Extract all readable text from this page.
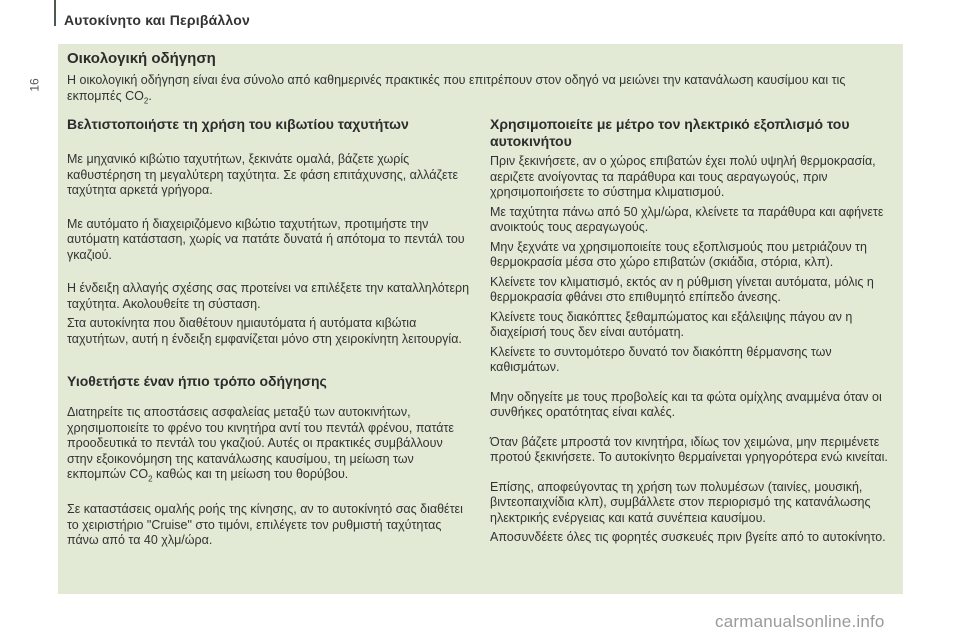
Αυτοκίνητο και Περιβάλλον
16
Οικολογική οδήγηση

Η οικολογική οδήγηση είναι ένα σύνολο από καθημερινές πρακτικές που επιτρέπουν στον οδηγό να μειώνει την κατανάλωση καυσίμου και τις εκπομπές $CO_2$.

Βελτιστοποιήστε τη χρήση του κιβωτίου ταχυτήτων

Με μηχανικό κιβώτιο ταχυτήτων, ξεκινάτε ομαλά, βάζετε χωρίς καθυστέρηση τη μεγαλύτερη ταχύτητα. Σε φάση επιτάχυνσης, αλλάζετε ταχύτητα αρκετά γρήγορα.

Με αυτόματο ή διαχειριζόμενο κιβώτιο ταχυτήτων, προτιμήστε την αυτόματη κατάσταση, χωρίς να πατάτε δυνατά ή απότομα το πεντάλ του γκαζιού.

Η ένδειξη αλλαγής σχέσης σας προτείνει να επιλέξετε την καταλληλότερη ταχύτητα. Ακολουθείτε τη σύσταση.

Στα αυτοκίνητα που διαθέτουν ημιαυτόματα ή αυτόματα κιβώτια ταχυτήτων, αυτή η ένδειξη εμφανίζεται μόνο στη χειροκίνητη λειτουργία.

Υιοθετήστε έναν ήπιο τρόπο οδήγησης

Διατηρείτε τις αποστάσεις ασφαλείας μεταξύ των αυτοκινήτων, χρησιμοποιείτε το φρένο του κινητήρα αντί του πεντάλ φρένου, πατάτε προοδευτικά το πεντάλ του γκαζιού. Αυτές οι πρακτικές συμβάλλουν στην εξοικονόμηση της κατανάλωσης καυσίμου, τη μείωση των εκπομπών $CO_2$ καθώς και τη μείωση του θορύβου.

Σε καταστάσεις ομαλής ροής της κίνησης, αν το αυτοκίνητό σας διαθέτει το χειριστήριο "Cruise" στο τιμόνι, επιλέγετε τον ρυθμιστή ταχύτητας πάνω από τα 40 χλμ/ώρα.

Χρησιμοποιείτε με μέτρο τον ηλεκτρικό εξοπλισμό του αυτοκινήτου

Πριν ξεκινήσετε, αν ο χώρος επιβατών έχει πολύ υψηλή θερμοκρασία, αεριζετε ανοίγοντας τα παράθυρα και τους αεραγωγούς, πριν χρησιμοποιήσετε το σύστημα κλιματισμού.

Με ταχύτητα πάνω από 50 χλμ/ώρα, κλείνετε τα παράθυρα και αφήνετε ανοικτούς τους αεραγωγούς.

Μην ξεχνάτε να χρησιμοποιείτε τους εξοπλισμούς που μετριάζουν τη θερμοκρασία μέσα στο χώρο επιβατών (σκιάδια, στόρια, κλπ).

Κλείνετε τον κλιματισμό, εκτός αν η ρύθμιση γίνεται αυτόματα, μόλις η θερμοκρασία φθάνει στο επιθυμητό επίπεδο άνεσης.

Κλείνετε τους διακόπτες ξεθαμπώματος και εξάλειψης πάγου αν η διαχείρισή τους δεν είναι αυτόματη.

Κλείνετε το συντομότερο δυνατό τον διακόπτη θέρμανσης των καθισμάτων.

Μην οδηγείτε με τους προβολείς και τα φώτα ομίχλης αναμμένα όταν οι συνθήκες ορατότητας είναι καλές.

Όταν βάζετε μπροστά τον κινητήρα, ιδίως τον χειμώνα, μην περιμένετε προτού ξεκινήσετε. Το αυτοκίνητο θερμαίνεται γρηγορότερα ενώ κινείται.

Επίσης, αποφεύγοντας τη χρήση των πολυμέσων (ταινίες, μουσική, βιντεοπαιχνίδια κλπ), συμβάλλετε στον περιορισμό της κατανάλωσης ηλεκτρικής ενέργειας και κατά συνέπεια καυσίμου.

Αποσυνδέετε όλες τις φορητές συσκευές πριν βγείτε από το αυτοκίνητο.

carmanualsonline.info
